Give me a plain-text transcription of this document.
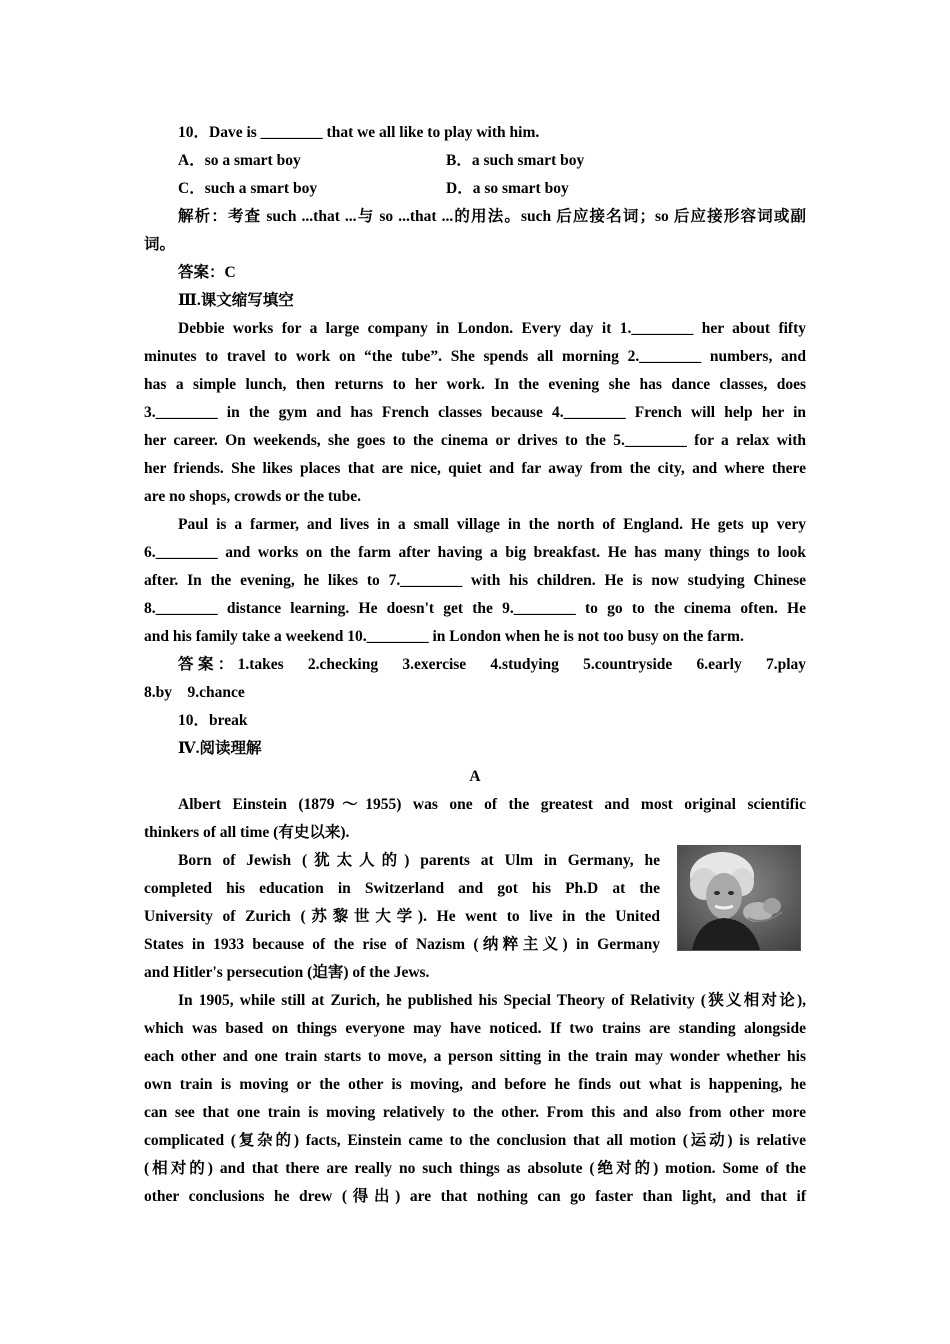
10．Dave is ________ that we all like to play with him.
A．so a smart boy	B．a such smart boy
C．such a smart boy	D．a so smart boy
解析：考查 such ...that ...与 so ...that ...的用法。such 后应接名词；so 后应接形容词或副
词。
答案：C
Ⅲ.课文缩写填空
Debbie works for a large company in London. Every day it 1.________ her about fifty
minutes to travel to work on “the tube”. She spends all morning 2.________ numbers, and
has a simple lunch, then returns to her work. In the evening she has dance classes, does
3.________ in the gym and has French classes because 4.________ French will help her in
her career. On weekends, she goes to the cinema or drives to the 5.________ for a relax with
her friends. She likes places that are nice, quiet and far away from the city, and where there
are no shops, crowds or the tube.
Paul is a farmer, and lives in a small village in the north of England. He gets up very
6.________ and works on the farm after having a big breakfast. He has many things to look
after. In the evening, he likes to 7.________ with his children. He is now studying Chinese
8.________ distance learning. He doesn't get the 9.________ to go to the cinema often. He
and his family take a weekend 10.________ in London when he is not too busy on the farm.
答案：1.takes　2.checking　3.exercise　4.studying　5.countryside　6.early　7.play
8.by　9.chance
10．break
Ⅳ.阅读理解
A
Albert Einstein (1879～1955) was one of the greatest and most original scientific
thinkers of all time (有史以来).
Born of Jewish (犹太人的) parents at Ulm in Germany, he
completed his education in Switzerland and got his Ph.D at the
University of Zurich (苏黎世大学). He went to live in the United
States in 1933 because of the rise of Nazism (纳粹主义) in Germany
and Hitler's persecution (迫害) of the Jews.
In 1905, while still at Zurich, he published his Special Theory of Relativity (狭义相对论),
which was based on things everyone may have noticed. If two trains are standing alongside
each other and one train starts to move, a person sitting in the train may wonder whether his
own train is moving or the other is moving, and before he finds out what is happening, he
can see that one train is moving relatively to the other. From this and also from other more
complicated (复杂的) facts, Einstein came to the conclusion that all motion (运动) is relative
(相对的) and that there are really no such things as absolute (绝对的) motion. Some of the
other conclusions he drew (得出) are that nothing can go faster than light, and that if
